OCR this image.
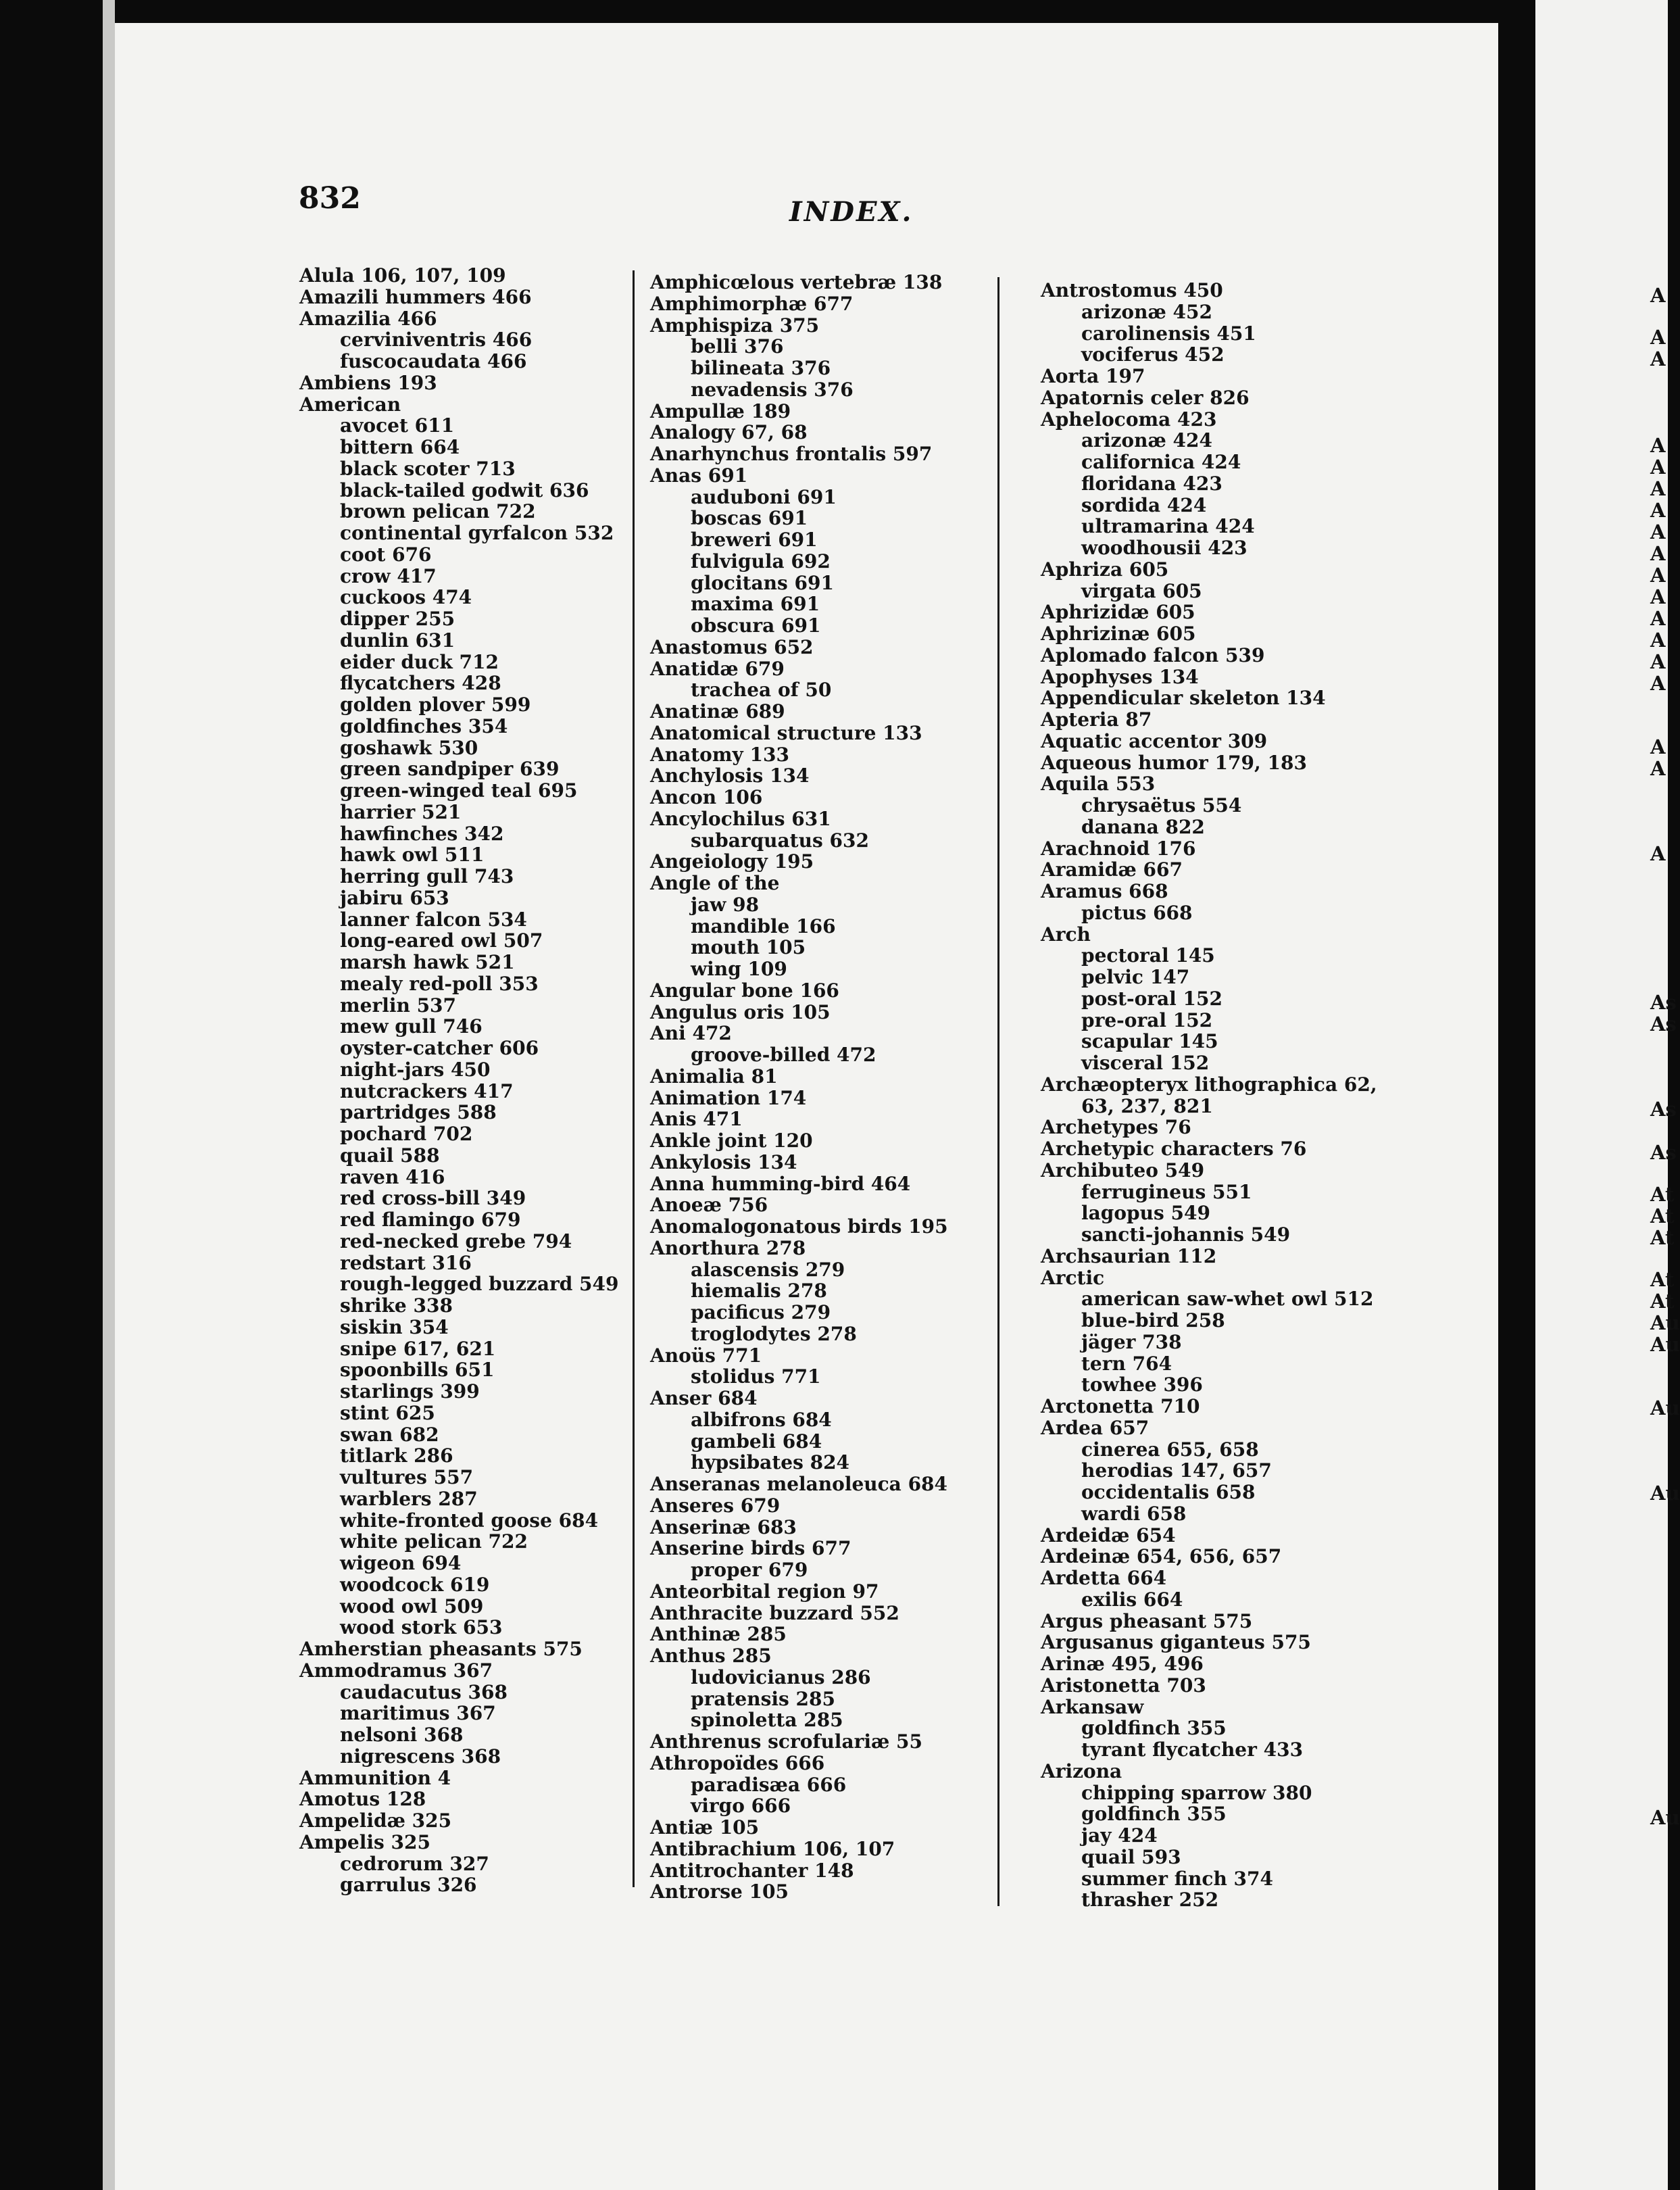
A
A
A
A
A
A
A
A
A
A
A
A
A
A
A
A
A
A
As
As
As
As
At
At
At
At
At
Au
Au
Au
Au
Au
832	INDEX.
Alula 106, 107, 109
Amazili hummers 466
Amazilia 466
cerviniventris 466
fuscocaudata 466
Ambiens 193
American
avocet 611
bittern 664
black scoter 713
black-tailed godwit 636
brown pelican 722
continental gyrfalcon 532
coot 676
crow 417
cuckoos 474
dipper 255
dunlin 631
eider duck 712
flycatchers 428
golden plover 599
goldfinches 354
goshawk 530
green sandpiper 639
green-winged teal 695
harrier 521
hawfinches 342
hawk owl 511
herring gull 743
jabiru 653
lanner falcon 534
long-eared owl 507
marsh hawk 521
mealy red-poll 353
merlin 537
mew gull 746
oyster-catcher 606
night-jars 450
nutcrackers 417
partridges 588
pochard 702
quail 588
raven 416
red cross-bill 349
red flamingo 679
red-necked grebe 794
redstart 316
rough-legged buzzard 549
shrike 338
siskin 354
snipe 617, 621
spoonbills 651
starlings 399
stint 625
swan 682
titlark 286
vultures 557
warblers 287
white-fronted goose 684
white pelican 722
wigeon 694
woodcock 619
wood owl 509
wood stork 653
Amherstian pheasants 575
Ammodramus 367
caudacutus 368
maritimus 367
nelsoni 368
nigrescens 368
Ammunition 4
Amotus 128
Ampelidæ 325
Ampelis 325
cedrorum 327
garrulus 326
Amphicœlous vertebræ 138
Amphimorphæ 677
Amphispiza 375
belli 376
bilineata 376
nevadensis 376
Ampullæ 189
Analogy 67, 68
Anarhynchus frontalis 597
Anas 691
auduboni 691
boscas 691
breweri 691
fulvigula 692
glocitans 691
maxima 691
obscura 691
Anastomus 652
Anatidæ 679
trachea of 50
Anatinæ 689
Anatomical structure 133
Anatomy 133
Anchylosis 134
Ancon 106
Ancylochilus 631
subarquatus 632
Angeiology 195
Angle of the
jaw 98
mandible 166
mouth 105
wing 109
Angular bone 166
Angulus oris 105
Ani 472
groove-billed 472
Animalia 81
Animation 174
Anis 471
Ankle joint 120
Ankylosis 134
Anna humming-bird 464
Anoeæ 756
Anomalogonatous birds 195
Anorthura 278
alascensis 279
hiemalis 278
pacificus 279
troglodytes 278
Anoüs 771
stolidus 771
Anser 684
albifrons 684
gambeli 684
hypsibates 824
Anseranas melanoleuca 684
Anseres 679
Anserinæ 683
Anserine birds 677
proper 679
Anteorbital region 97
Anthracite buzzard 552
Anthinæ 285
Anthus 285
ludovicianus 286
pratensis 285
spinoletta 285
Anthrenus scrofulariæ 55
Athropoïdes 666
paradisæa 666
virgo 666
Antiæ 105
Antibrachium 106, 107
Antitrochanter 148
Antrorse 105
Antrostomus 450
arizonæ 452
carolinensis 451
vociferus 452
Aorta 197
Apatornis celer 826
Aphelocoma 423
arizonæ 424
californica 424
floridana 423
sordida 424
ultramarina 424
woodhousii 423
Aphriza 605
virgata 605
Aphrizidæ 605
Aphrizinæ 605
Aplomado falcon 539
Apophyses 134
Appendicular skeleton 134
Apteria 87
Aquatic accentor 309
Aqueous humor 179, 183
Aquila 553
chrysaëtus 554
danana 822
Arachnoid 176
Aramidæ 667
Aramus 668
pictus 668
Arch
pectoral 145
pelvic 147
post-oral 152
pre-oral 152
scapular 145
visceral 152
Archæopteryx lithographica 62,
63, 237, 821
Archetypes 76
Archetypic characters 76
Archibuteo 549
ferrugineus 551
lagopus 549
sancti-johannis 549
Archsaurian 112
Arctic
american saw-whet owl 512
blue-bird 258
jäger 738
tern 764
towhee 396
Arctonetta 710
Ardea 657
cinerea 655, 658
herodias 147, 657
occidentalis 658
wardi 658
Ardeidæ 654
Ardeinæ 654, 656, 657
Ardetta 664
exilis 664
Argus pheasant 575
Argusanus giganteus 575
Arinæ 495, 496
Aristonetta 703
Arkansaw
goldfinch 355
tyrant flycatcher 433
Arizona
chipping sparrow 380
goldfinch 355
jay 424
quail 593
summer finch 374
thrasher 252
